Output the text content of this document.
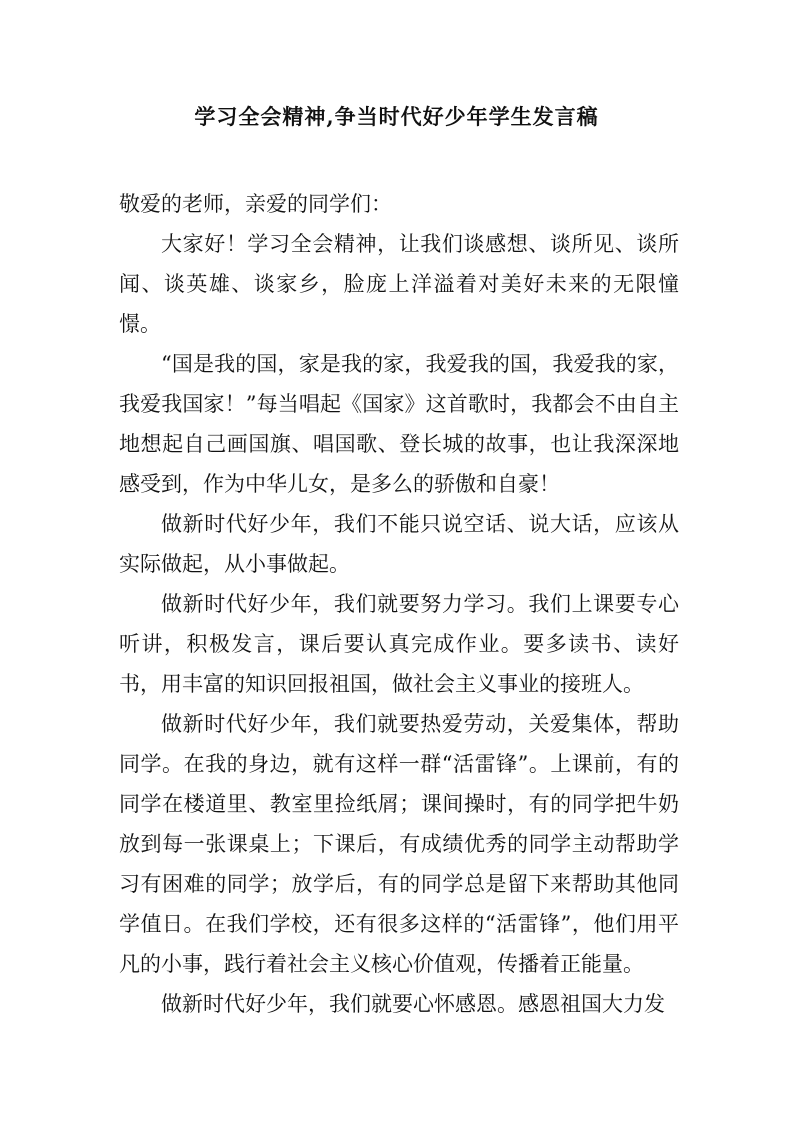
学习全会精神,争当时代好少年学生发言稿

敬爱的老师，亲爱的同学们：

大家好！学习全会精神，让我们谈感想、谈所见、谈所闻、谈英雄、谈家乡，脸庞上洋溢着对美好未来的无限憧憬。

“国是我的国，家是我的家，我爱我的国，我爱我的家，我爱我国家！”每当唱起《国家》这首歌时，我都会不由自主地想起自己画国旗、唱国歌、登长城的故事，也让我深深地感受到，作为中华儿女，是多么的骄傲和自豪！

做新时代好少年，我们不能只说空话、说大话，应该从实际做起，从小事做起。

做新时代好少年，我们就要努力学习。我们上课要专心听讲，积极发言，课后要认真完成作业。要多读书、读好书，用丰富的知识回报祖国，做社会主义事业的接班人。

做新时代好少年，我们就要热爱劳动，关爱集体，帮助同学。在我的身边，就有这样一群“活雷锋”。上课前，有的同学在楼道里、教室里捡纸屑；课间操时，有的同学把牛奶放到每一张课桌上；下课后，有成绩优秀的同学主动帮助学习有困难的同学；放学后，有的同学总是留下来帮助其他同学值日。在我们学校，还有很多这样的“活雷锋”，他们用平凡的小事，践行着社会主义核心价值观，传播着正能量。

做新时代好少年，我们就要心怀感恩。感恩祖国大力发
